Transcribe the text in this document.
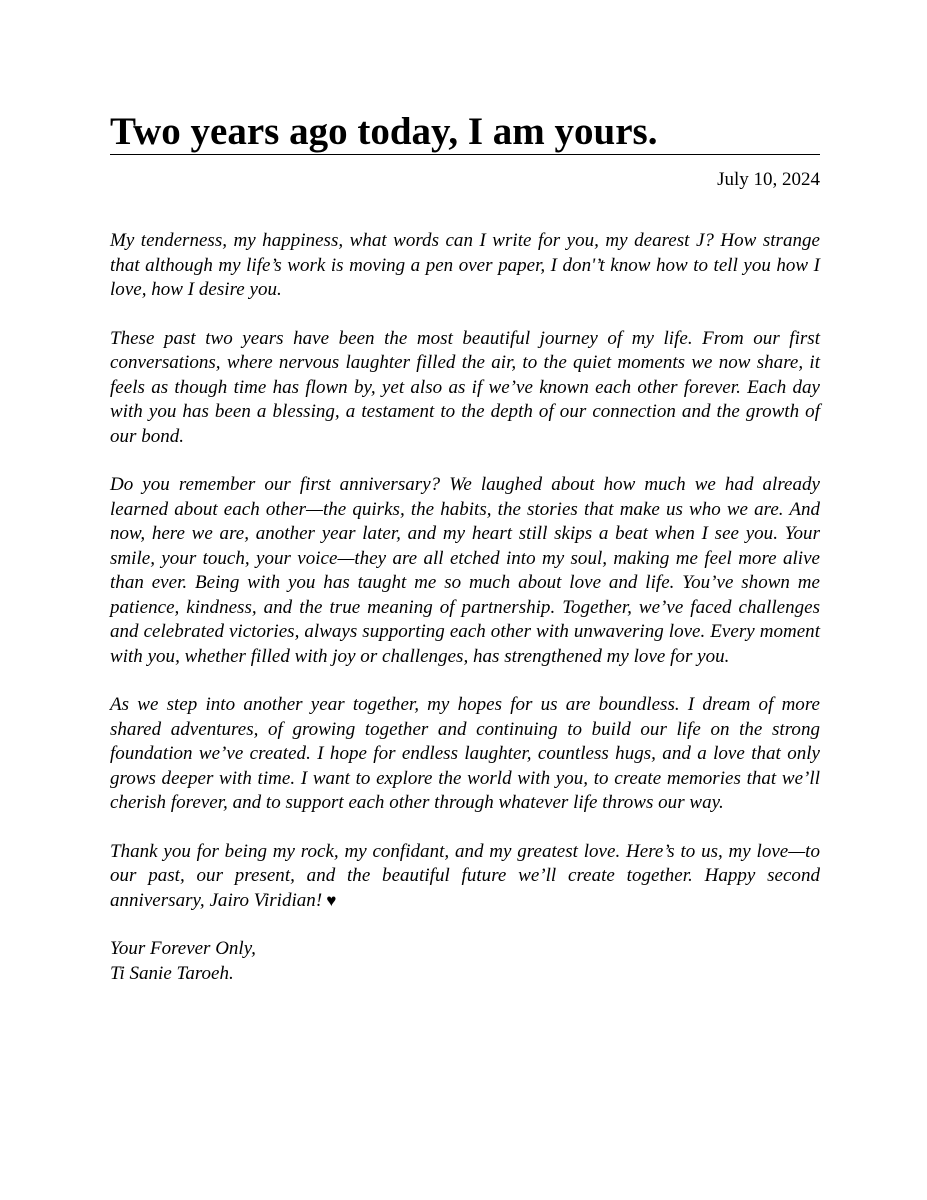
Two years ago today, I am yours.
July 10, 2024

My tenderness, my happiness, what words can I write for you, my dearest J? How strange that although my life’s work is moving a pen over paper, I don'’t know how to tell you how I love, how I desire you.

These past two years have been the most beautiful journey of my life. From our first conversations, where nervous laughter filled the air, to the quiet moments we now share, it feels as though time has flown by, yet also as if we’ve known each other forever. Each day with you has been a blessing, a testament to the depth of our connection and the growth of our bond.

Do you remember our first anniversary? We laughed about how much we had already learned about each other—the quirks, the habits, the stories that make us who we are. And now, here we are, another year later, and my heart still skips a beat when I see you. Your smile, your touch, your voice—they are all etched into my soul, making me feel more alive than ever. Being with you has taught me so much about love and life. You’ve shown me patience, kindness, and the true meaning of partnership. Together, we’ve faced challenges and celebrated victories, always supporting each other with unwavering love. Every moment with you, whether filled with joy or challenges, has strengthened my love for you.

As we step into another year together, my hopes for us are boundless. I dream of more shared adventures, of growing together and continuing to build our life on the strong foundation we’ve created. I hope for endless laughter, countless hugs, and a love that only grows deeper with time. I want to explore the world with you, to create memories that we’ll cherish forever, and to support each other through whatever life throws our way.

Thank you for being my rock, my confidant, and my greatest love. Here’s to us, my love—to our past, our present, and the beautiful future we’ll create together. Happy second anniversary, Jairo Viridian! ♥

Your Forever Only,
Ti Sanie Taroeh.
